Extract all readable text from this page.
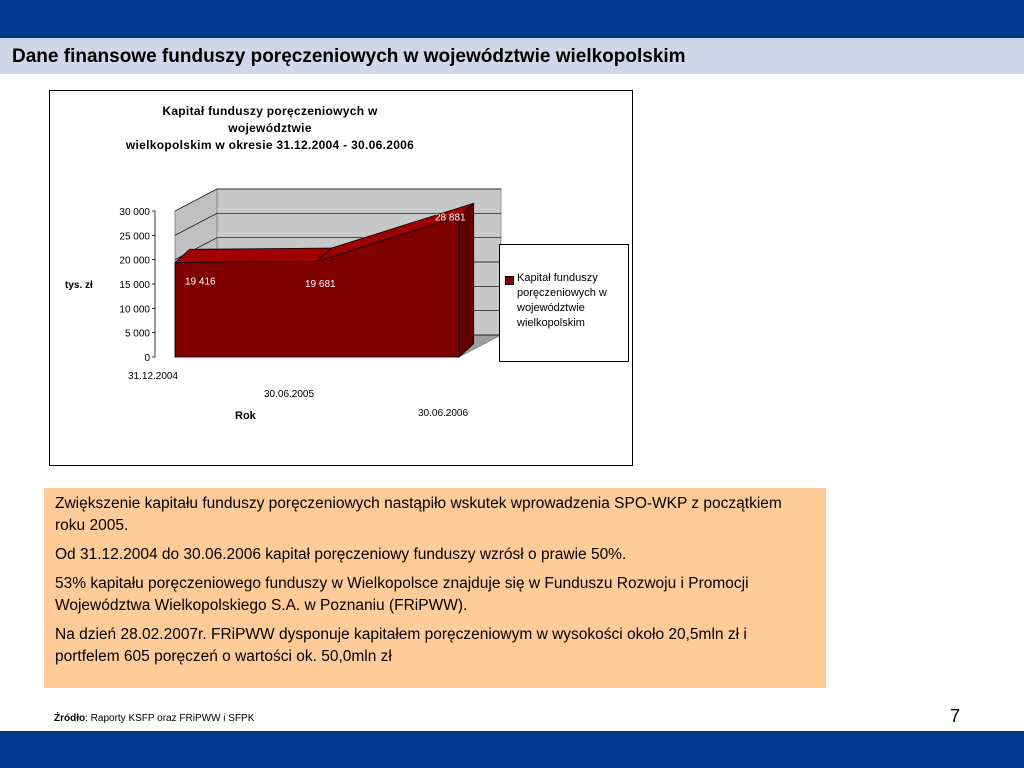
Dane finansowe funduszy poręczeniowych w województwie wielkopolskim
Kapitał funduszy poręczeniowych w województwie
wielkopolskim w okresie 31.12.2004 - 30.06.2006
0
5 000
10 000
15 000
20 000
25 000
30 000
19 416	19 681
28 881
31.12.2004
30.06.2005
30.06.2006
tys. zł
Rok
Kapitał funduszy poręczeniowych w województwie wielkopolskim

Zwiększenie kapitału funduszy poręczeniowych nastąpiło wskutek wprowadzenia SPO-WKP z początkiem roku 2005.

Od 31.12.2004 do 30.06.2006 kapitał poręczeniowy funduszy wzrósł o prawie 50%.

53% kapitału poręczeniowego funduszy w Wielkopolsce znajduje się w Funduszu Rozwoju i Promocji Województwa Wielkopolskiego S.A. w Poznaniu (FRiPWW).

Na dzień 28.02.2007r. FRiPWW dysponuje kapitałem poręczeniowym w wysokości około 20,5mln zł i portfelem 605 poręczeń o wartości ok. 50,0mln zł

Źródło: Raporty KSFP oraz FRiPWW i SFPK	7
